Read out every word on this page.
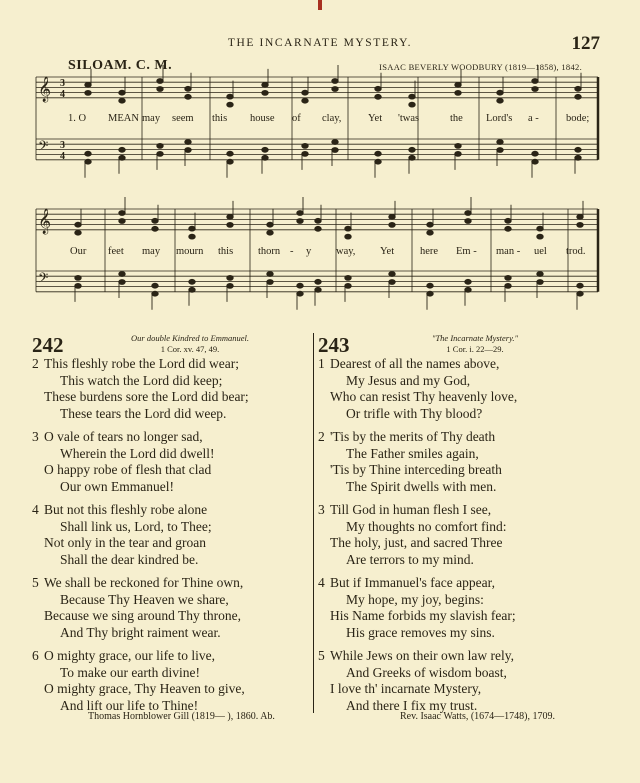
THE INCARNATE MYSTERY.	127
SILOAM. C. M.	ISAAC BEVERLY WOODBURY (1819—1858), 1842.
𝄞
𝄢
𝄞
𝄢
3
4
3
4
1. O MEAN may seem this house of clay,	Yet 'twas	the Lord's a -	bode;
Our feet may mourn this thorn - y way, Yet here Em - man - uel trod.
242	Our double Kindred to Emmanuel.
1 Cor. xv. 47, 49.
2 This fleshly robe the Lord did wear;
This watch the Lord did keep;
These burdens sore the Lord did bear;
These tears the Lord did weep.
3 O vale of tears no longer sad,
Wherein the Lord did dwell!
O happy robe of flesh that clad
Our own Emmanuel!
4 But not this fleshly robe alone
Shall link us, Lord, to Thee;
Not only in the tear and groan
Shall the dear kindred be.
5 We shall be reckoned for Thine own,
Because Thy Heaven we share,
Because we sing around Thy throne,
And Thy bright raiment wear.
6 O mighty grace, our life to live,
To make our earth divine!
O mighty grace, Thy Heaven to give,
And lift our life to Thine!
Thomas Hornblower Gill (1819— ), 1860. Ab.
243	"The Incarnate Mystery."
1 Cor. i. 22—29.
1 Dearest of all the names above,
My Jesus and my God,
Who can resist Thy heavenly love,
Or trifle with Thy blood?
2 'Tis by the merits of Thy death
The Father smiles again,
'Tis by Thine interceding breath
The Spirit dwells with men.
3 Till God in human flesh I see,
My thoughts no comfort find:
The holy, just, and sacred Three
Are terrors to my mind.
4 But if Immanuel's face appear,
My hope, my joy, begins:
His Name forbids my slavish fear;
His grace removes my sins.
5 While Jews on their own law rely,
And Greeks of wisdom boast,
I love th' incarnate Mystery,
And there I fix my trust.
Rev. Isaac Watts, (1674—1748), 1709.
